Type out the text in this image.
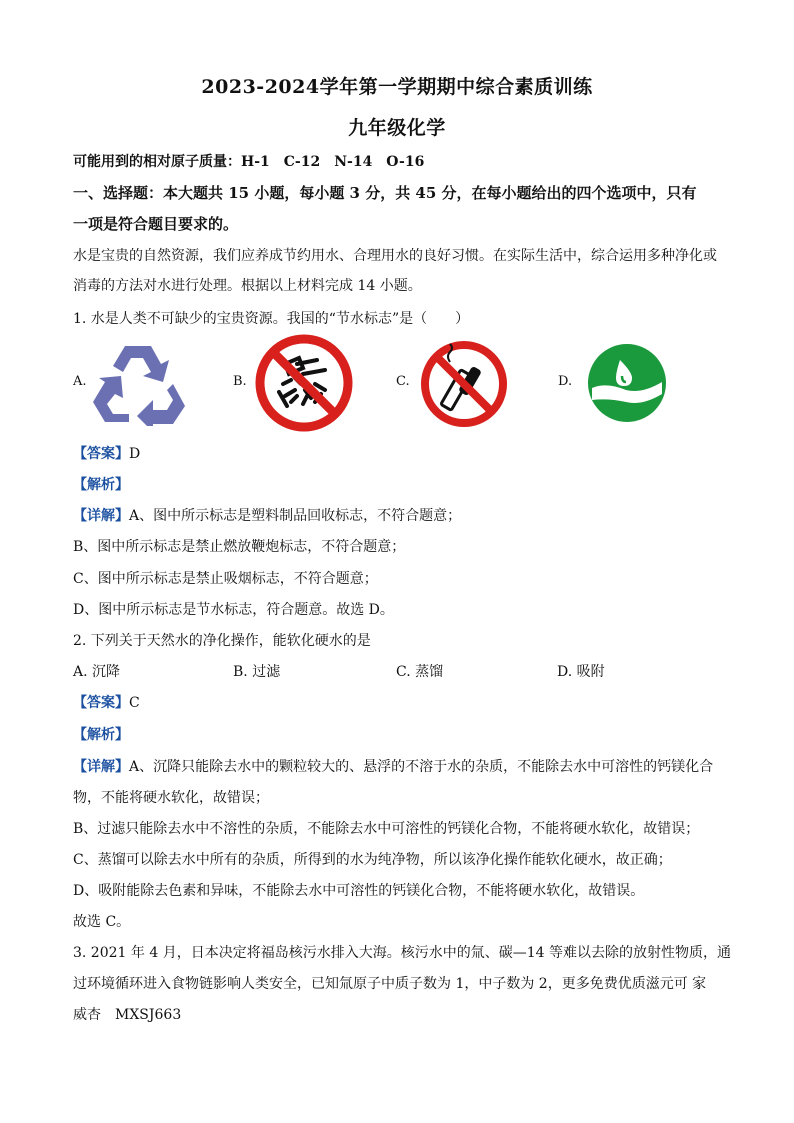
2023-2024学年第一学期期中综合素质训练
九年级化学
可能用到的相对原子质量：H-1　C-12　N-14　O-16
一、选择题：本大题共 15 小题，每小题 3 分，共 45 分，在每小题给出的四个选项中，只有
一项是符合题目要求的。
水是宝贵的自然资源，我们应养成节约用水、合理用水的良好习惯。在实际生活中，综合运用多种净化或
消毒的方法对水进行处理。根据以上材料完成 14 小题。
1. 水是人类不可缺少的宝贵资源。我国的“节水标志”是（　　）
A.	B.	C.	D.
【答案】D
【解析】
【详解】A、图中所示标志是塑料制品回收标志，不符合题意；
B、图中所示标志是禁止燃放鞭炮标志，不符合题意；
C、图中所示标志是禁止吸烟标志，不符合题意；
D、图中所示标志是节水标志，符合题意。故选 D。
2. 下列关于天然水的净化操作，能软化硬水的是
A. 沉降	B. 过滤	C. 蒸馏	D. 吸附
【答案】C
【解析】
【详解】A、沉降只能除去水中的颗粒较大的、悬浮的不溶于水的杂质，不能除去水中可溶性的钙镁化合
物，不能将硬水软化，故错误；
B、过滤只能除去水中不溶性的杂质，不能除去水中可溶性的钙镁化合物，不能将硬水软化，故错误；
C、蒸馏可以除去水中所有的杂质，所得到的水为纯净物，所以该净化操作能软化硬水，故正确；
D、吸附能除去色素和异味，不能除去水中可溶性的钙镁化合物，不能将硬水软化，故错误。
故选 C。
3. 2021 年 4 月，日本决定将福岛核污水排入大海。核污水中的氚、碳—14 等难以去除的放射性物质，通
过环境循环进入食物链影响人类安全，已知氚原子中质子数为 1，中子数为 2，更多免费优质滋元可 家
威杏　MXSJ663
